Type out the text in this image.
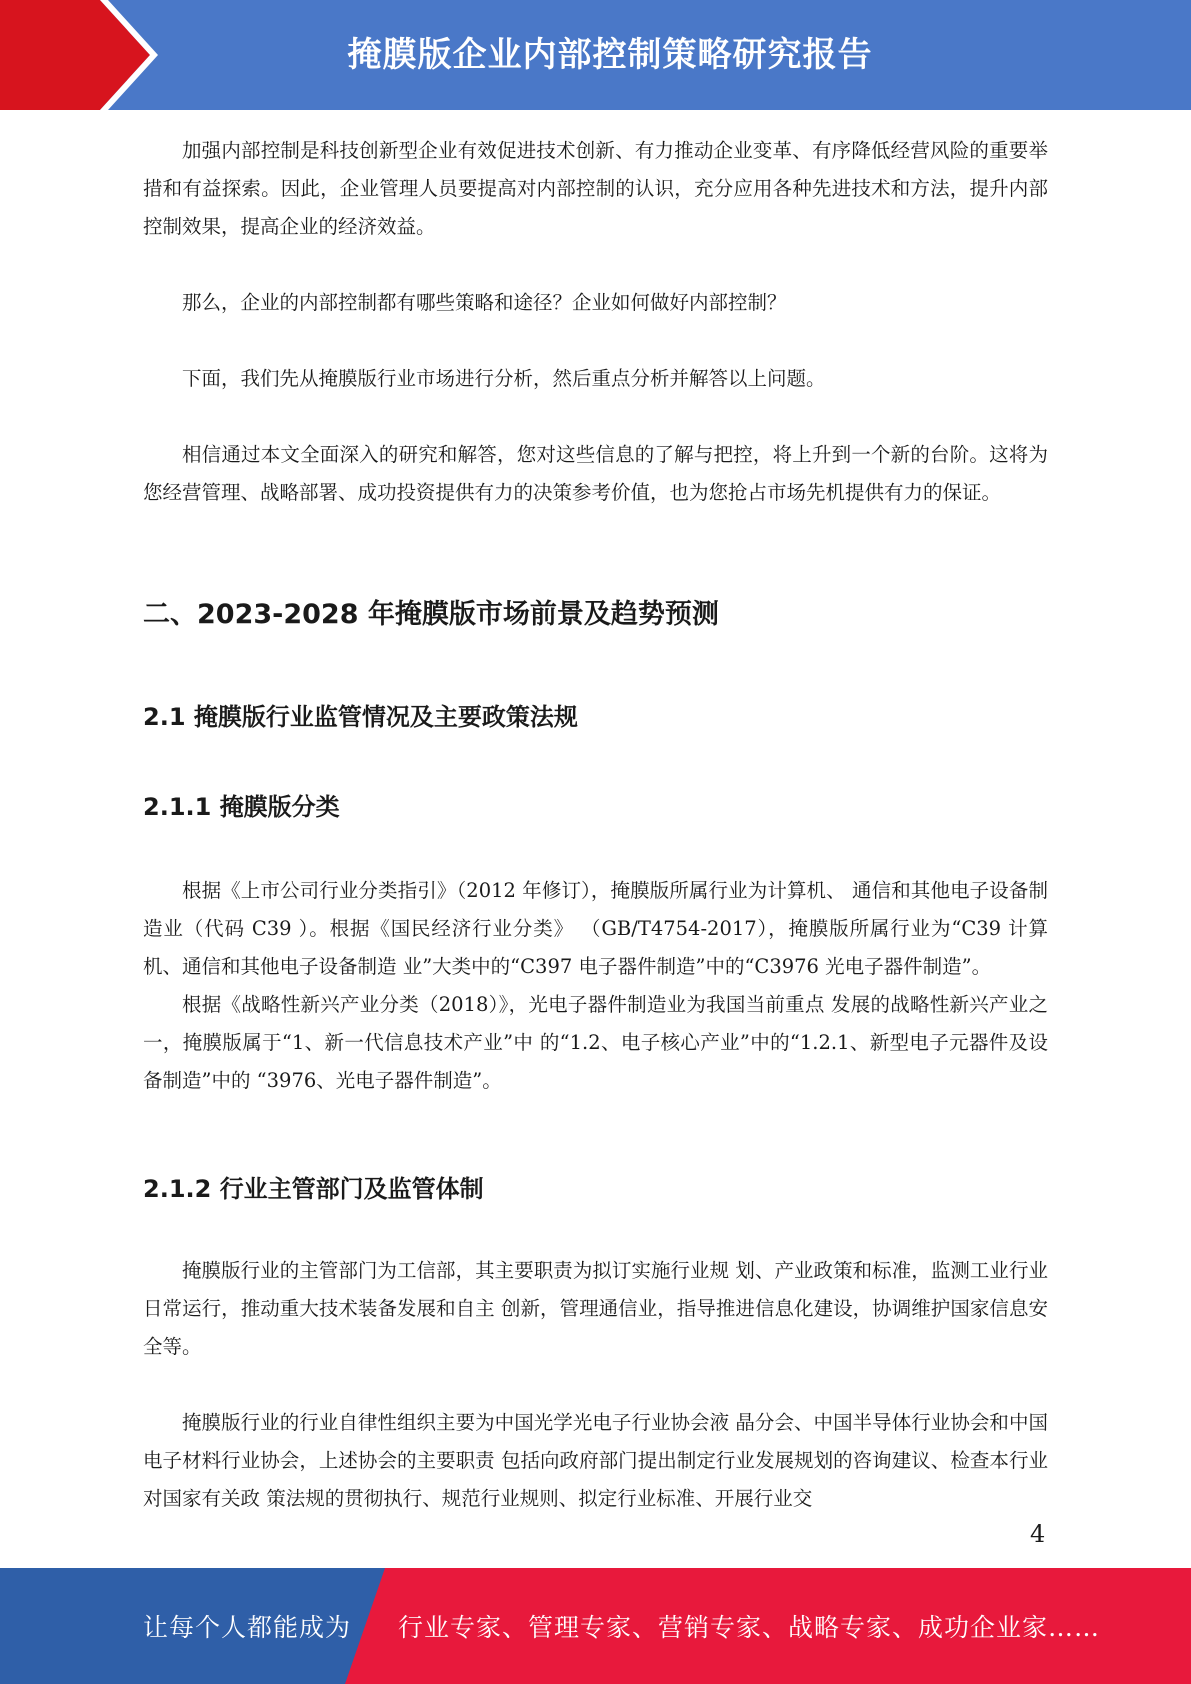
掩膜版企业内部控制策略研究报告

加强内部控制是科技创新型企业有效促进技术创新、有力推动企业变革、有序降低经营风险的重要举措和有益探索。因此，企业管理人员要提高对内部控制的认识，充分应用各种先进技术和方法，提升内部控制效果，提高企业的经济效益。

那么，企业的内部控制都有哪些策略和途径？企业如何做好内部控制？

下面，我们先从掩膜版行业市场进行分析，然后重点分析并解答以上问题。

相信通过本文全面深入的研究和解答，您对这些信息的了解与把控，将上升到一个新的台阶。这将为您经营管理、战略部署、成功投资提供有力的决策参考价值，也为您抢占市场先机提供有力的保证。

二、2023-2028 年掩膜版市场前景及趋势预测
2.1 掩膜版行业监管情况及主要政策法规
2.1.1 掩膜版分类

根据《上市公司行业分类指引》（2012 年修订），掩膜版所属行业为计算机、 通信和其他电子设备制造业（代码 C39 ）。根据《国民经济行业分类》 （GB/T4754-2017），掩膜版所属行业为“C39 计算机、通信和其他电子设备制造 业”大类中的“C397 电子器件制造”中的“C3976 光电子器件制造”。

根据《战略性新兴产业分类（2018）》，光电子器件制造业为我国当前重点 发展的战略性新兴产业之一，掩膜版属于“1、新一代信息技术产业”中 的“1.2、电子核心产业”中的“1.2.1、新型电子元器件及设备制造”中的 “3976、光电子器件制造”。

2.1.2 行业主管部门及监管体制

掩膜版行业的主管部门为工信部，其主要职责为拟订实施行业规 划、产业政策和标准，监测工业行业日常运行，推动重大技术装备发展和自主 创新，管理通信业，指导推进信息化建设，协调维护国家信息安全等。

掩膜版行业的行业自律性组织主要为中国光学光电子行业协会液 晶分会、中国半导体行业协会和中国电子材料行业协会，上述协会的主要职责 包括向政府部门提出制定行业发展规划的咨询建议、检查本行业对国家有关政 策法规的贯彻执行、规范行业规则、拟定行业标准、开展行业交

4
让每个人都能成为 行业专家、管理专家、营销专家、战略专家、成功企业家……
